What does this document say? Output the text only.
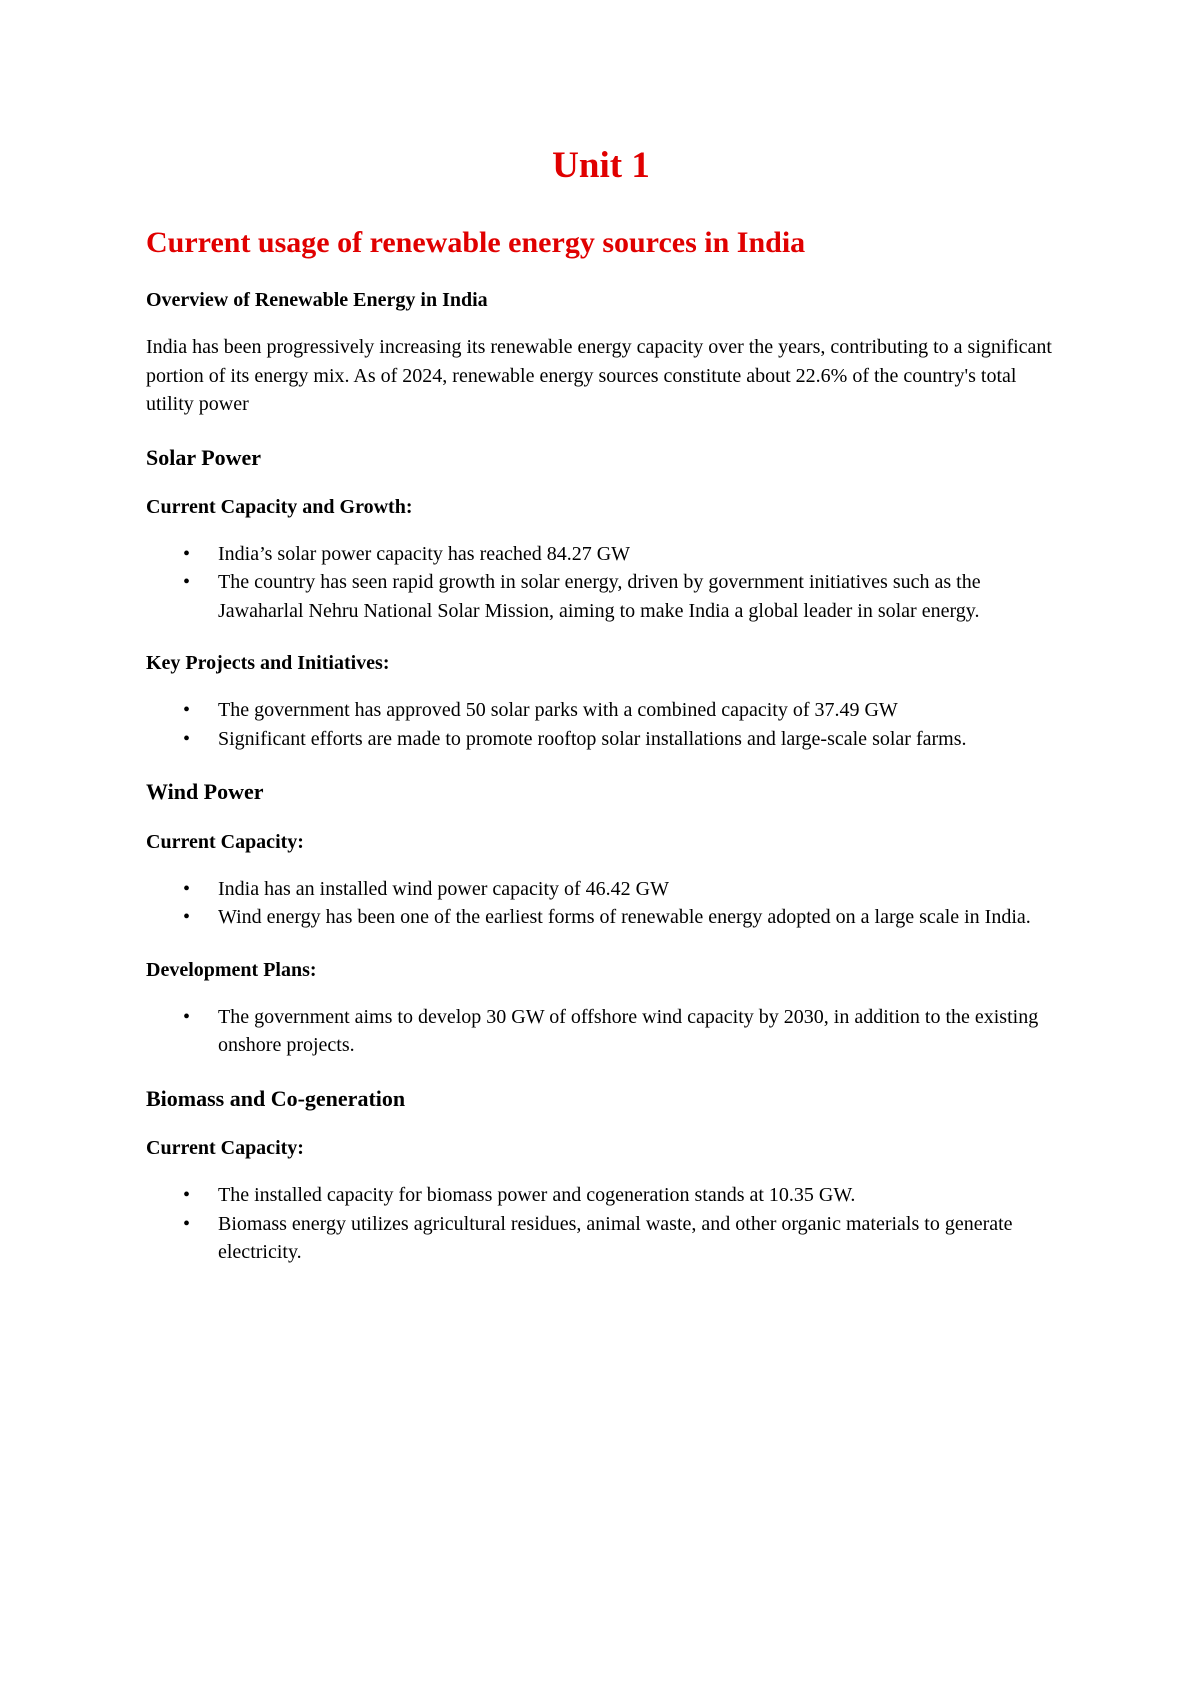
Unit 1
Current usage of renewable energy sources in India
Overview of Renewable Energy in India

India has been progressively increasing its renewable energy capacity over the years, contributing to a significant portion of its energy mix. As of 2024, renewable energy sources constitute about 22.6% of the country's total utility power

Solar Power
Current Capacity and Growth:
• India’s solar power capacity has reached 84.27 GW
• The country has seen rapid growth in solar energy, driven by government initiatives such as the Jawaharlal Nehru National Solar Mission, aiming to make India a global leader in solar energy.
Key Projects and Initiatives:
• The government has approved 50 solar parks with a combined capacity of 37.49 GW
• Significant efforts are made to promote rooftop solar installations and large-scale solar farms.
Wind Power
Current Capacity:
• India has an installed wind power capacity of 46.42 GW
• Wind energy has been one of the earliest forms of renewable energy adopted on a large scale in India.
Development Plans:
• The government aims to develop 30 GW of offshore wind capacity by 2030, in addition to the existing onshore projects.
Biomass and Co-generation
Current Capacity:
• The installed capacity for biomass power and cogeneration stands at 10.35 GW.
• Biomass energy utilizes agricultural residues, animal waste, and other organic materials to generate electricity.
